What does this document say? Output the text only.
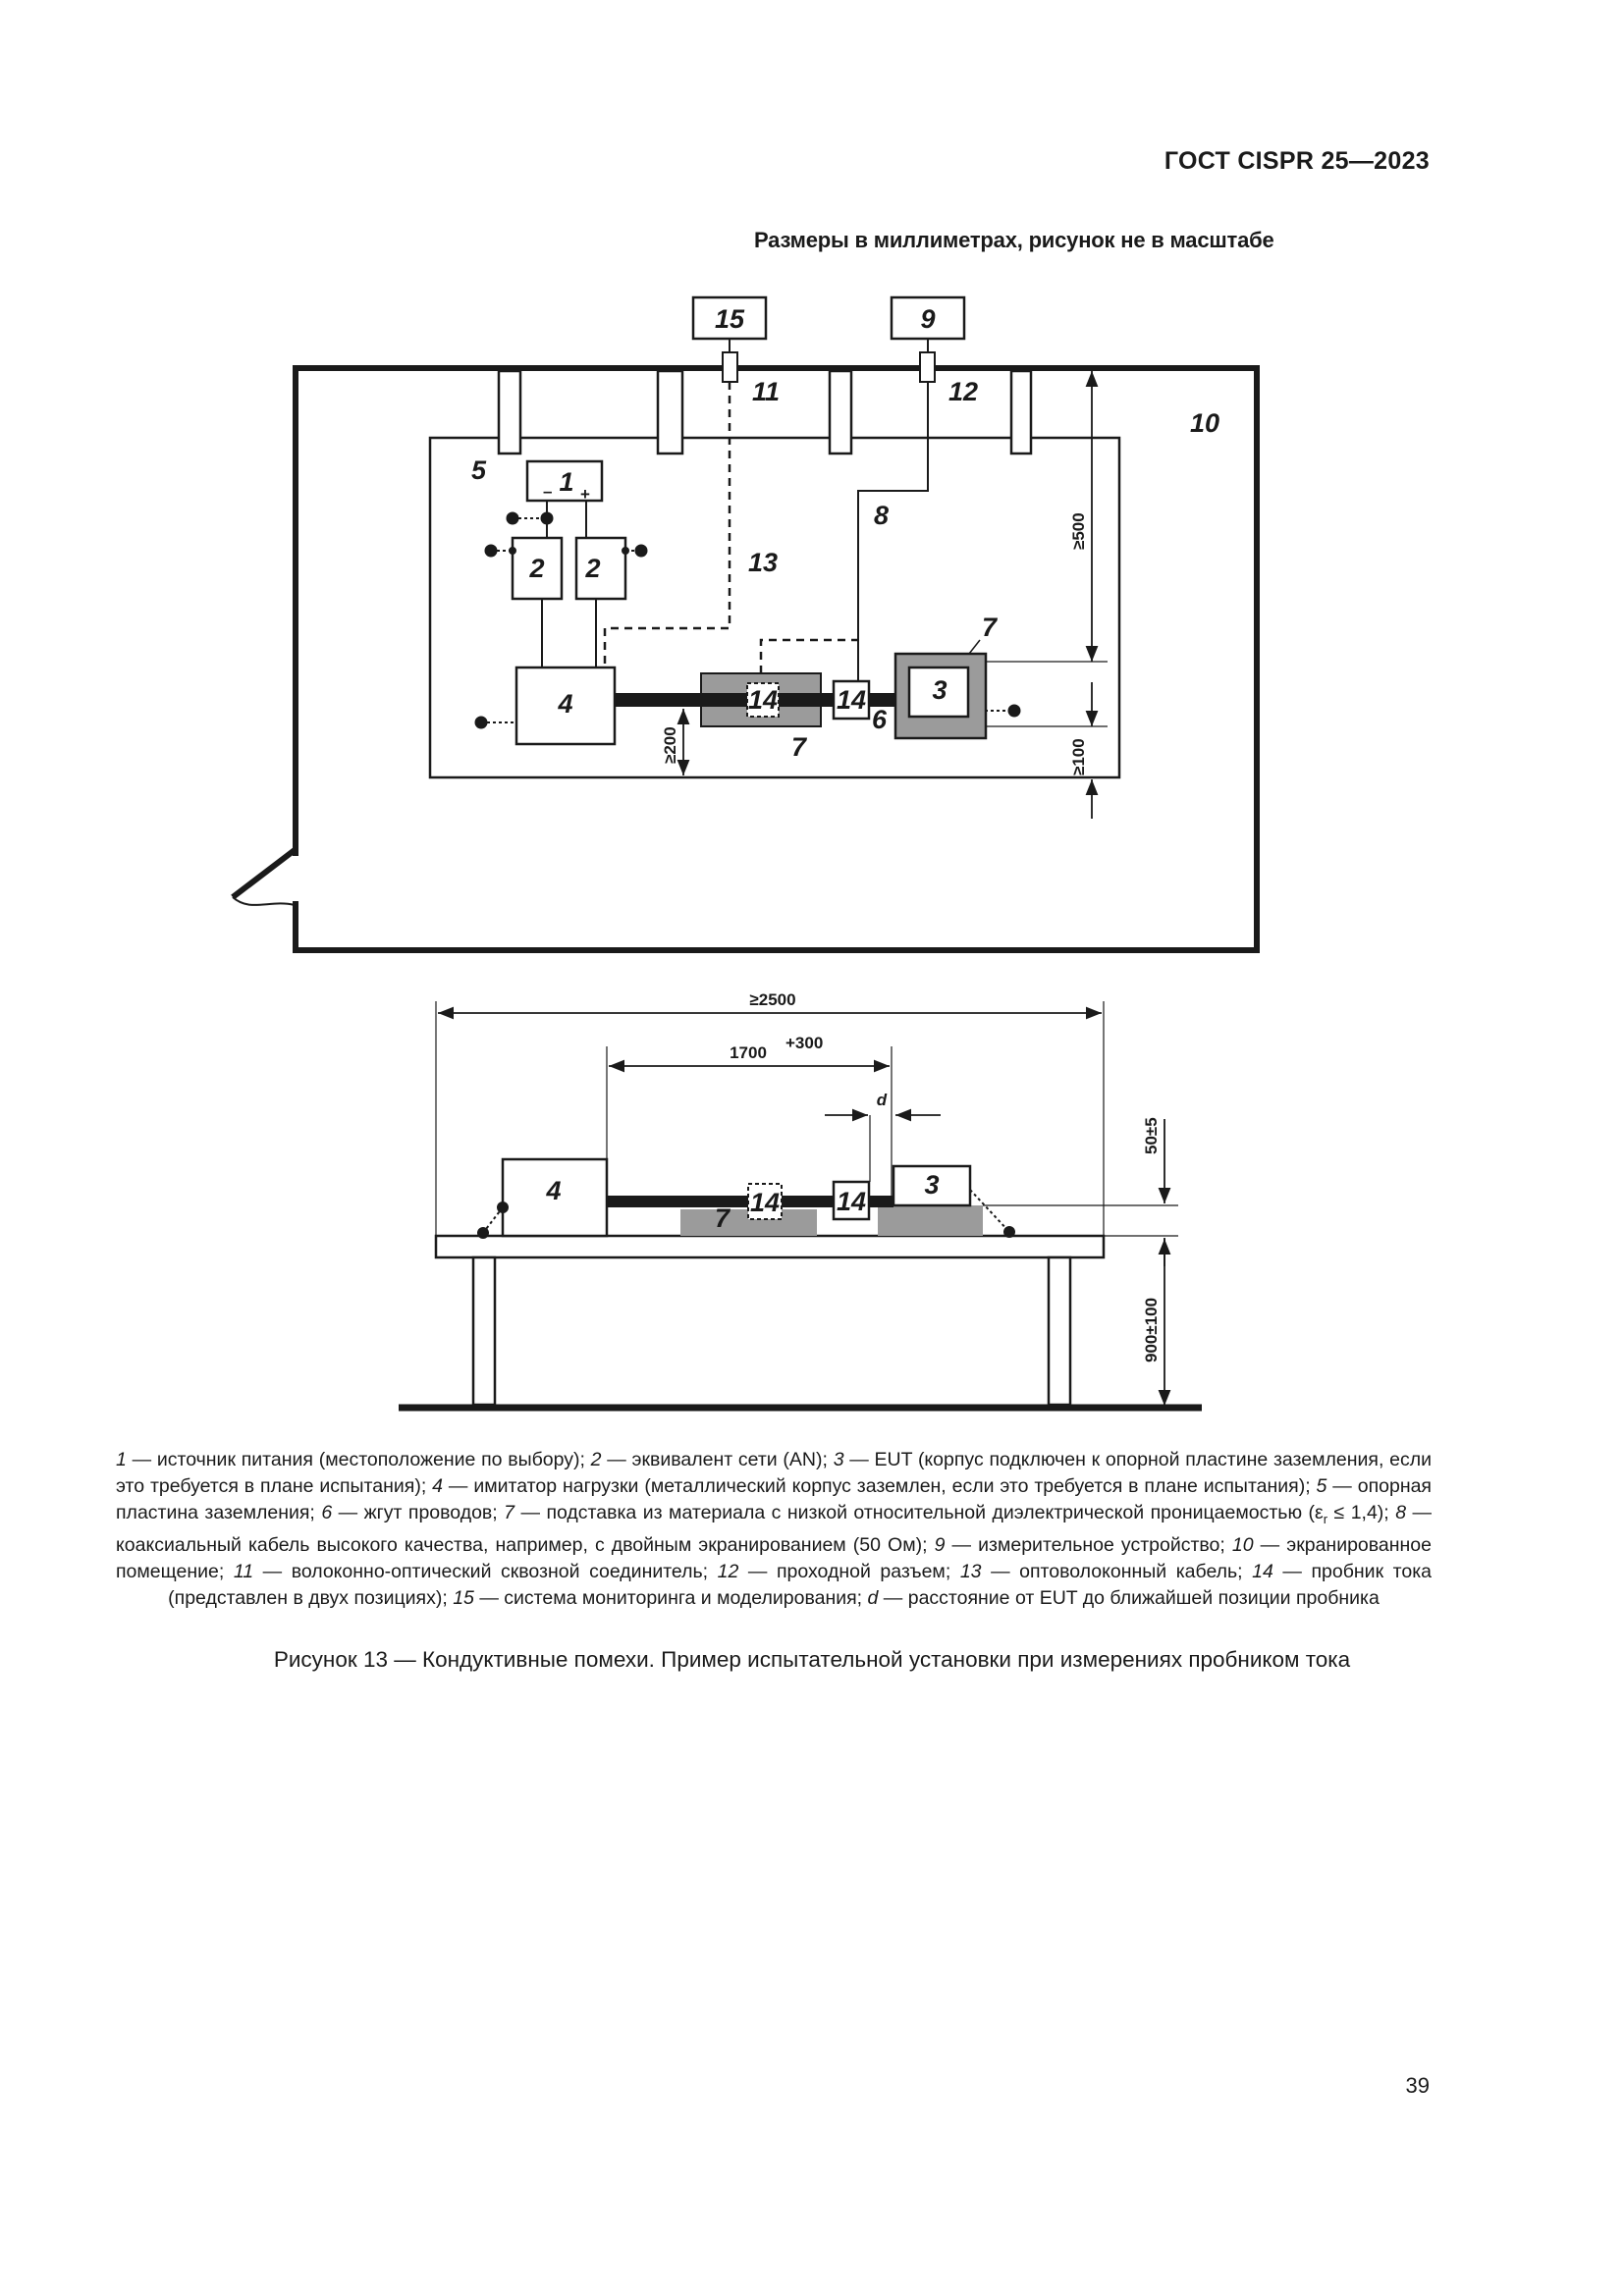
ГОСТ CISPR 25—2023
Размеры в миллиметрах, рисунок не в масштабе
15	9
11	12
10
5
8
13
1
– +
2 2
4	14 14
6
7
3
7
≥500
≥100
≥200
4	14
7
14
3
≥2500
1700
+300
d
50±5
900±100
1 — источник питания (местоположение по выбору); 2 — эквивалент сети (AN); 3 — EUT (корпус подключен к опорной пластине заземления, если это требуется в плане испытания); 4 — имитатор нагрузки (металлический корпус заземлен, если это требуется в плане испытания); 5 — опорная пластина заземления; 6 — жгут проводов; 7 — подставка из материала с низкой относительной диэлектрической проницаемостью $(\varepsilon_r \le 1,4)$; 8 — коаксиальный кабель высокого качества, например, с двойным экранированием (50 Ом); 9 — измерительное устройство; 10 — экранированное помещение; 11 — волоконно-оптический сквозной соединитель; 12 — проходной разъем; 13 — оптоволоконный кабель; 14 — пробник тока (представлен в двух позициях); 15 — система мониторинга и моделирования; d — расстояние от EUT до ближайшей позиции пробника
Рисунок 13 — Кондуктивные помехи. Пример испытательной установки при измерениях пробником тока
39
